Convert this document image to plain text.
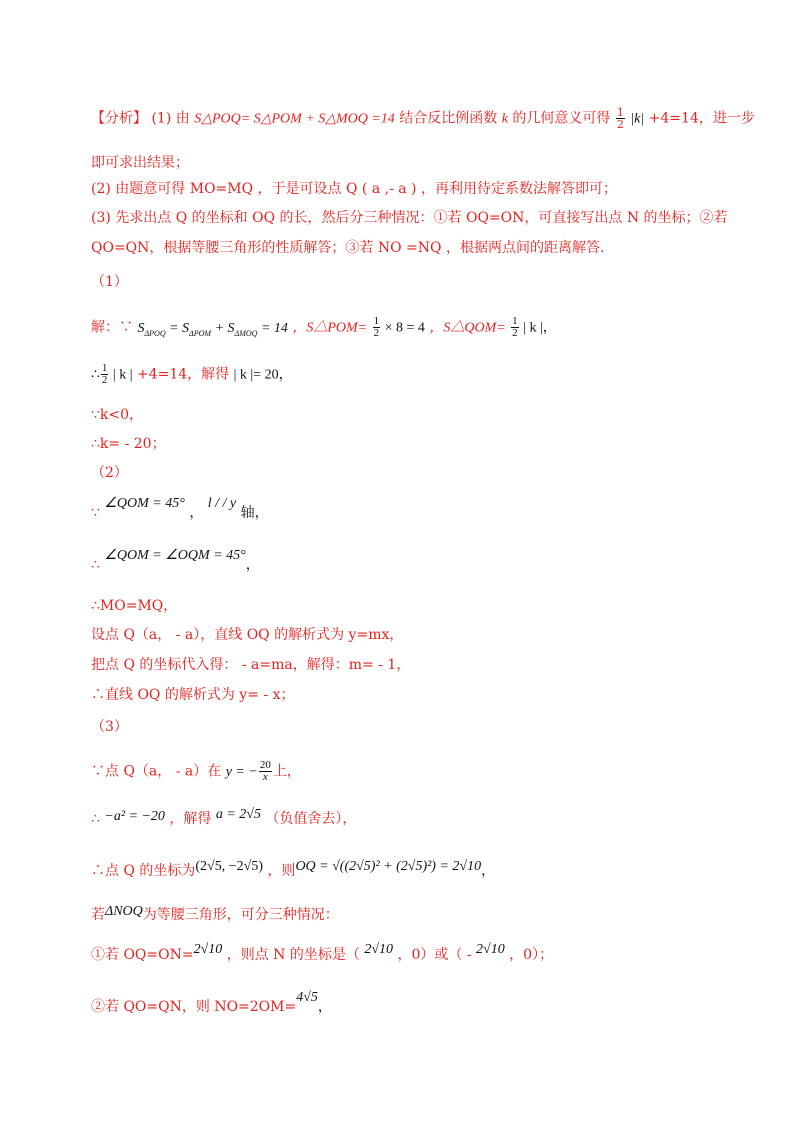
【分析】 (1) 由 S△POQ= S△POM + S△MOQ =14 结合反比例函数 k 的几何意义可得 $\frac{1}{2} |k| +4=14$，进一步
即可求出结果；
(2) 由题意可得 MO=MQ ，于是可设点 Q ( a ,- a ) ，再利用待定系数法解答即可；
(3) 先求出点 Q 的坐标和 OQ 的长，然后分三种情况：①若 OQ=ON，可直接写出点 N 的坐标；②若
QO=QN，根据等腰三角形的性质解答；③若 NO =NQ ，根据两点间的距离解答.
（1）
解：∵ $S_{\Delta POQ} = S_{\Delta POM} + S_{\Delta MOQ} = 14$ ，S△POM= $\frac{1}{2} \times 8 = 4$ ，S△QOM= $\frac{1}{2}$ | k |，
∴ $\frac{1}{2}$ | k | +4=14，解得 | k |= 20，
∵k<0，
∴k= - 20；
（2）
∵ ∠QOM = 45° ， l / / y 轴，
∴ ∠QOM = ∠OQM = 45°，
∴MO=MQ，
设点 Q（a， - a），直线 OQ 的解析式为 y=mx，
把点 Q 的坐标代入得： - a=ma，解得：m= - 1，
∴直线 OQ 的解析式为 y= - x；
（3）
∵点 Q（a， - a）在 y = − $\frac{20}{x}$ 上，
∴ −a² = −20 ，解得 a = 2√5 （负值舍去），
∴点 Q 的坐标为(2√5, −2√5) ，则OQ = √((2√5)² + (2√5)²) = 2√10，
若ΔNOQ为等腰三角形，可分三种情况：
①若 OQ=ON=2√10 ，则点 N 的坐标是（ 2√10 ，0）或（ - 2√10 ，0）；
②若 QO=QN，则 NO=2OM=4√5，
